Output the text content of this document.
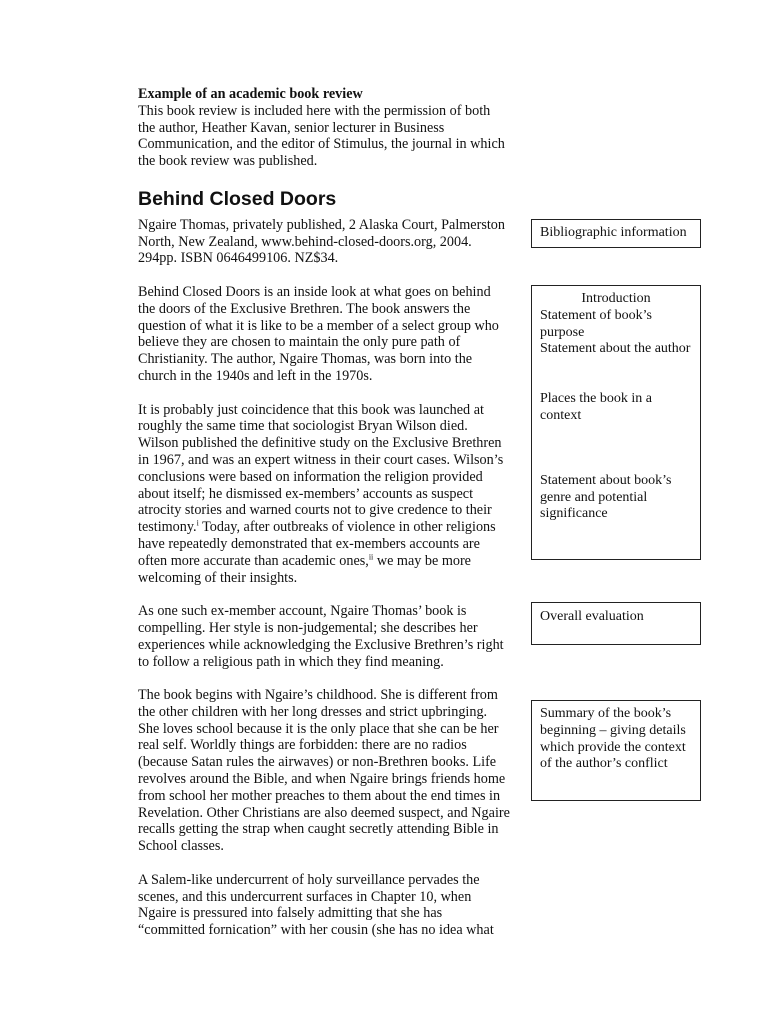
Example of an academic book review
This book review is included here with the permission of both the author, Heather Kavan, senior lecturer in Business Communication, and the editor of Stimulus, the journal in which the book review was published.

Behind Closed Doors

Ngaire Thomas, privately published, 2 Alaska Court, Palmerston North, New Zealand, www.behind-closed-doors.org, 2004. 294pp. ISBN 0646499106. NZ$34.

Behind Closed Doors is an inside look at what goes on behind the doors of the Exclusive Brethren. The book answers the question of what it is like to be a member of a select group who believe they are chosen to maintain the only pure path of Christianity. The author, Ngaire Thomas, was born into the church in the 1940s and left in the 1970s.

It is probably just coincidence that this book was launched at roughly the same time that sociologist Bryan Wilson died. Wilson published the definitive study on the Exclusive Brethren in 1967, and was an expert witness in their court cases. Wilson’s conclusions were based on information the religion provided about itself; he dismissed ex-members’ accounts as suspect atrocity stories and warned courts not to give credence to their testimony.$^i$ Today, after outbreaks of violence in other religions have repeatedly demonstrated that ex-members accounts are often more accurate than academic ones,$^{ii}$ we may be more welcoming of their insights.

As one such ex-member account, Ngaire Thomas’ book is compelling. Her style is non-judgemental; she describes her experiences while acknowledging the Exclusive Brethren’s right to follow a religious path in which they find meaning.

The book begins with Ngaire’s childhood. She is different from the other children with her long dresses and strict upbringing. She loves school because it is the only place that she can be her real self. Worldly things are forbidden: there are no radios (because Satan rules the airwaves) or non-Brethren books. Life revolves around the Bible, and when Ngaire brings friends home from school her mother preaches to them about the end times in Revelation. Other Christians are also deemed suspect, and Ngaire recalls getting the strap when caught secretly attending Bible in School classes.

A Salem-like undercurrent of holy surveillance pervades the scenes, and this undercurrent surfaces in Chapter 10, when Ngaire is pressured into falsely admitting that she has “committed fornication” with her cousin (she has no idea what

Bibliographic information
Introduction
Statement of book’s purpose
Statement about the author
Places the book in a context
Statement about book’s genre and potential significance
Overall evaluation
Summary of the book’s beginning – giving details which provide the context of the author’s conflict
